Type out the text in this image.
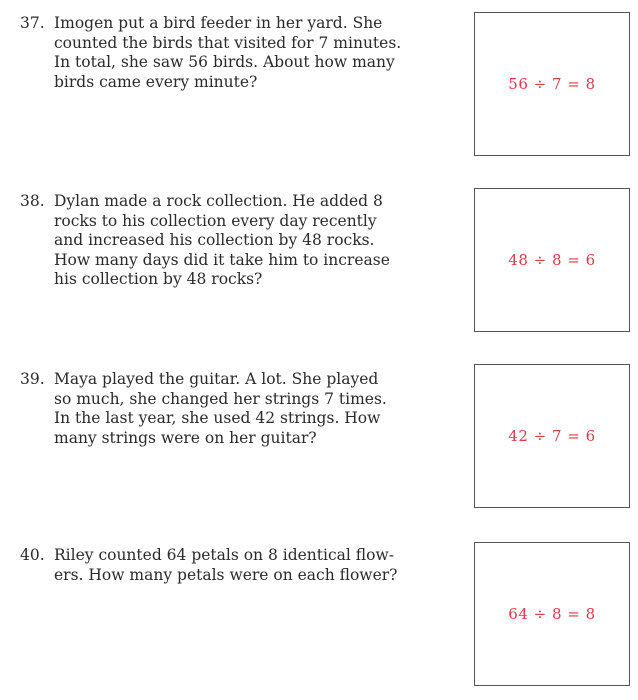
37. Imogen put a bird feeder in her yard. She
counted the birds that visited for 7 minutes.
In total, she saw 56 birds. About how many
birds came every minute?	56 ÷ 7 = 8
38. Dylan made a rock collection. He added 8
rocks to his collection every day recently
and increased his collection by 48 rocks.
How many days did it take him to increase
his collection by 48 rocks?
48 ÷ 8 = 6
39. Maya played the guitar. A lot. She played
so much, she changed her strings 7 times.
In the last year, she used 42 strings. How
many strings were on her guitar?	42 ÷ 7 = 6
40. Riley counted 64 petals on 8 identical flow-
ers. How many petals were on each flower?
64 ÷ 8 = 8
